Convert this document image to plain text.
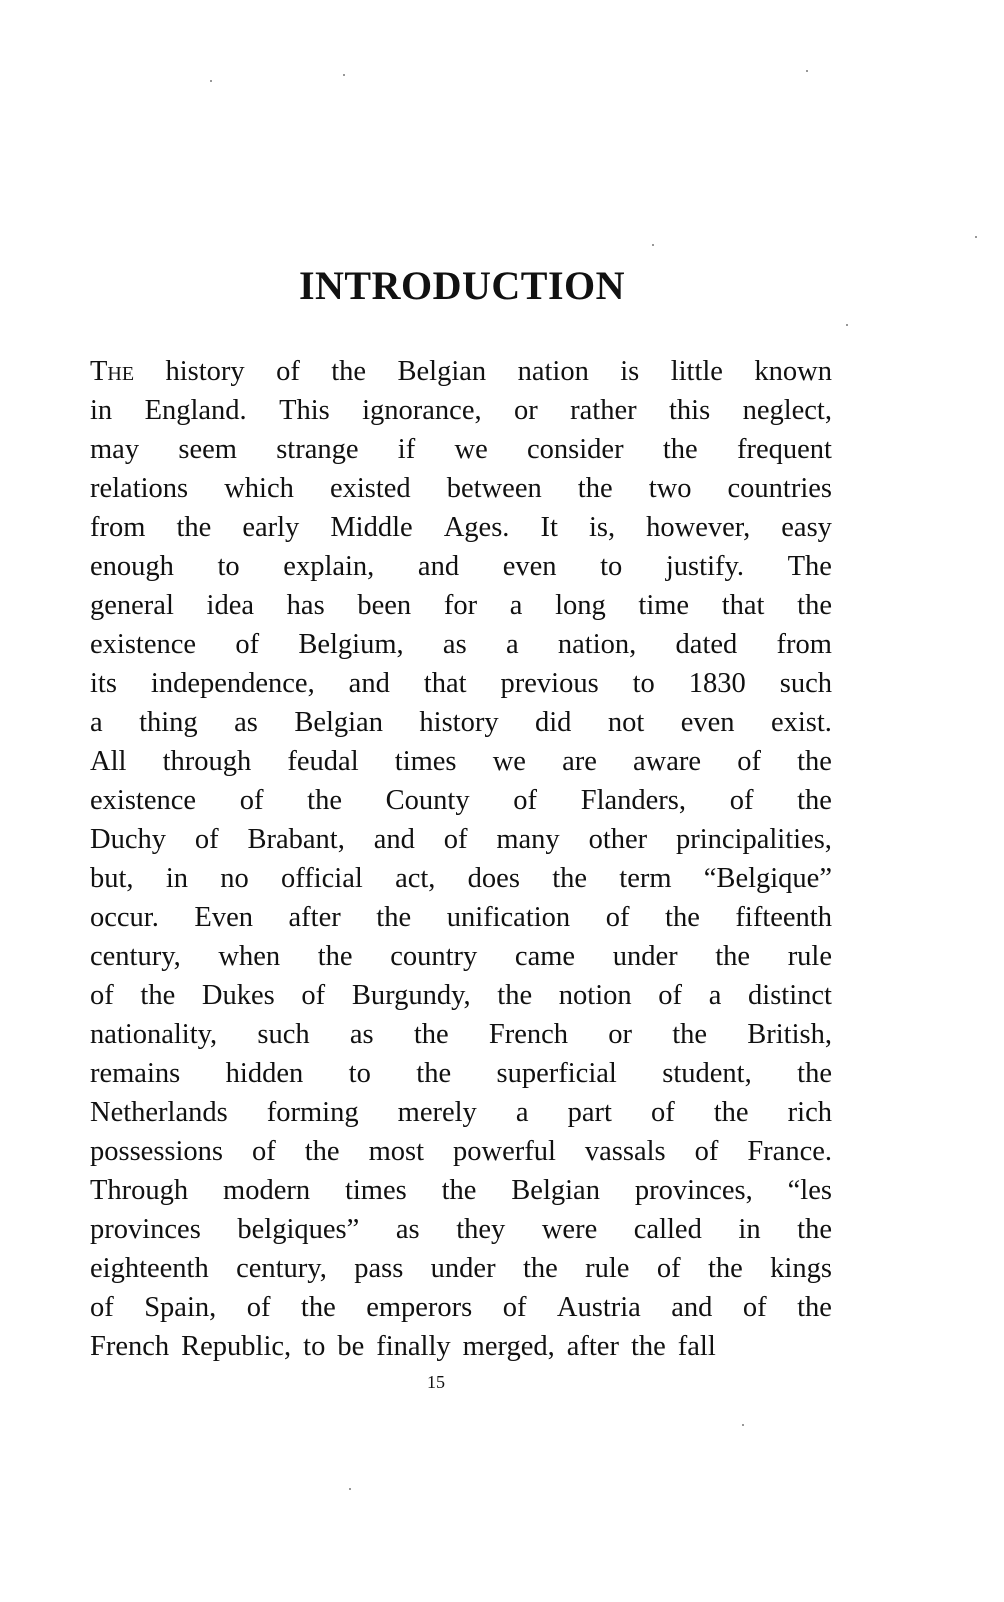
INTRODUCTION
The history of the Belgian nation is little known
in England. This ignorance, or rather this neglect,
may seem strange if we consider the frequent
relations which existed between the two countries
from the early Middle Ages. It is, however, easy
enough to explain, and even to justify. The
general idea has been for a long time that the
existence of Belgium, as a nation, dated from
its independence, and that previous to 1830 such
a thing as Belgian history did not even exist.
All through feudal times we are aware of the
existence of the County of Flanders, of the
Duchy of Brabant, and of many other principalities,
but, in no official act, does the term “Belgique”
occur. Even after the unification of the fifteenth
century, when the country came under the rule
of the Dukes of Burgundy, the notion of a distinct
nationality, such as the French or the British,
remains hidden to the superficial student, the
Netherlands forming merely a part of the rich
possessions of the most powerful vassals of France.
Through modern times the Belgian provinces, “les
provinces belgiques” as they were called in the
eighteenth century, pass under the rule of the kings
of Spain, of the emperors of Austria and of the
French Republic, to be finally merged, after the fall
15
